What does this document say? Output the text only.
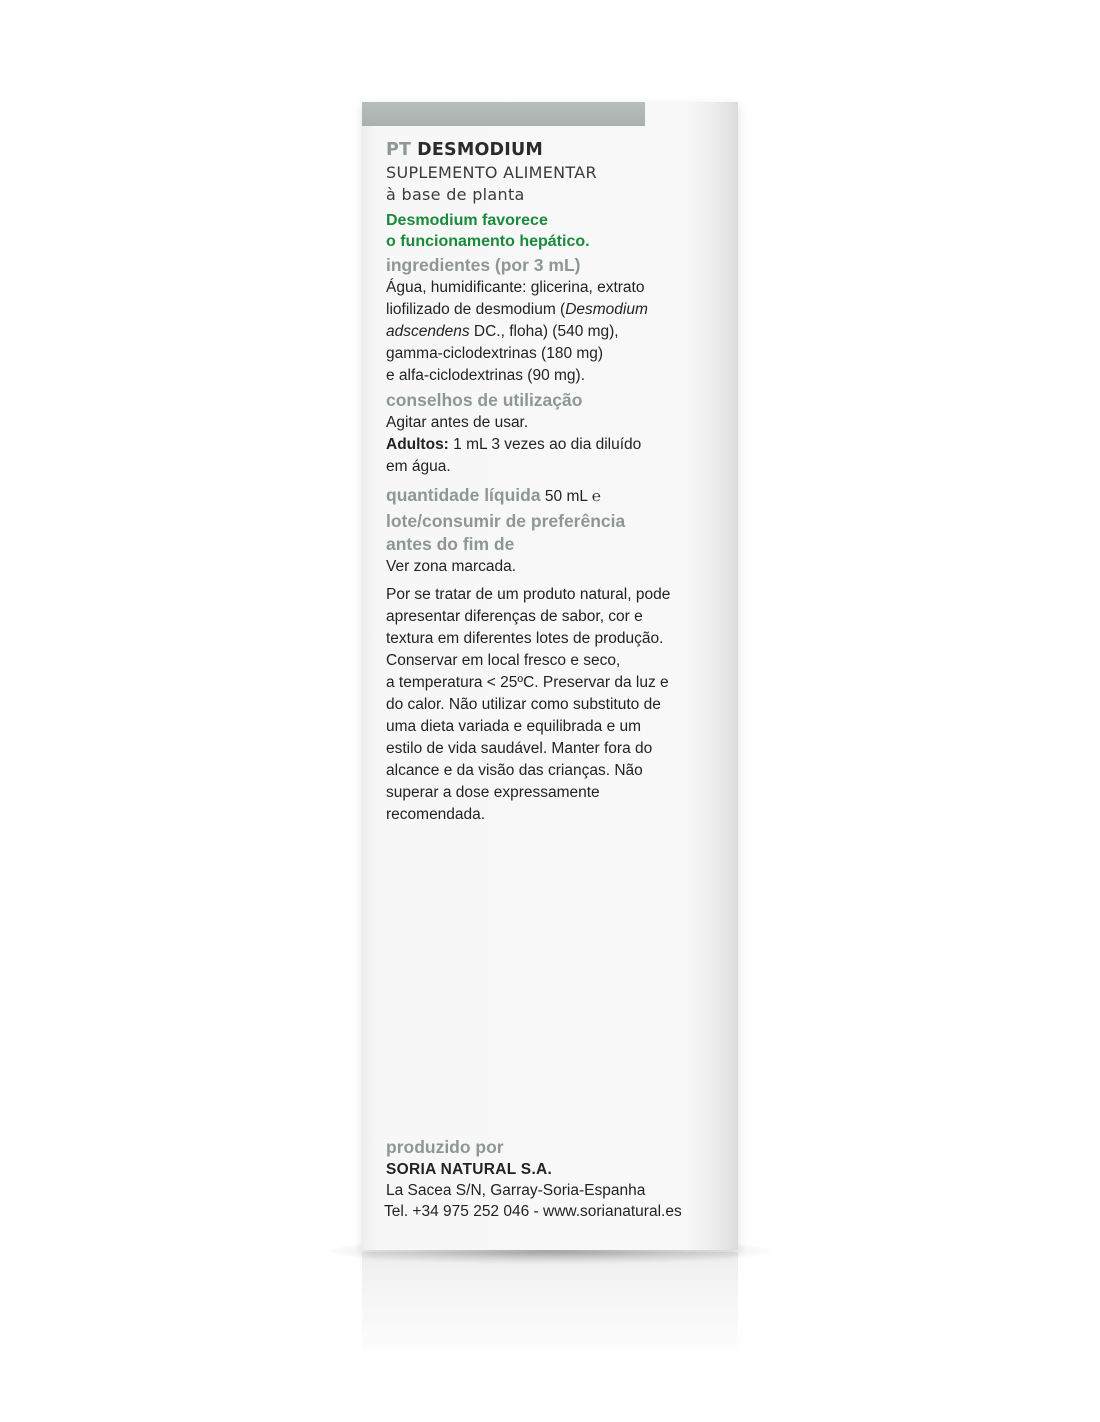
PT DESMODIUM
SUPLEMENTO ALIMENTAR
à base de planta
Desmodium favorece
o funcionamento hepático.
ingredientes (por 3 mL)
Água, humidificante: glicerina, extrato
liofilizado de desmodium (Desmodium
adscendens DC., floha) (540 mg),
gamma-ciclodextrinas (180 mg)
e alfa-ciclodextrinas (90 mg).
conselhos de utilização
Agitar antes de usar.
Adultos: 1 mL 3 vezes ao dia diluído
em água.
quantidade líquida 50 mL ℮
lote/consumir de preferência
antes do fim de
Ver zona marcada.
Por se tratar de um produto natural, pode
apresentar diferenças de sabor, cor e
textura em diferentes lotes de produção.
Conservar em local fresco e seco,
a temperatura < 25ºC. Preservar da luz e
do calor. Não utilizar como substituto de
uma dieta variada e equilibrada e um
estilo de vida saudável. Manter fora do
alcance e da visão das crianças. Não
superar a dose expressamente
recomendada.
produzido por
SORIA NATURAL S.A.
La Sacea S/N, Garray-Soria-Espanha
Tel. +34 975 252 046 - www.sorianatural.es
